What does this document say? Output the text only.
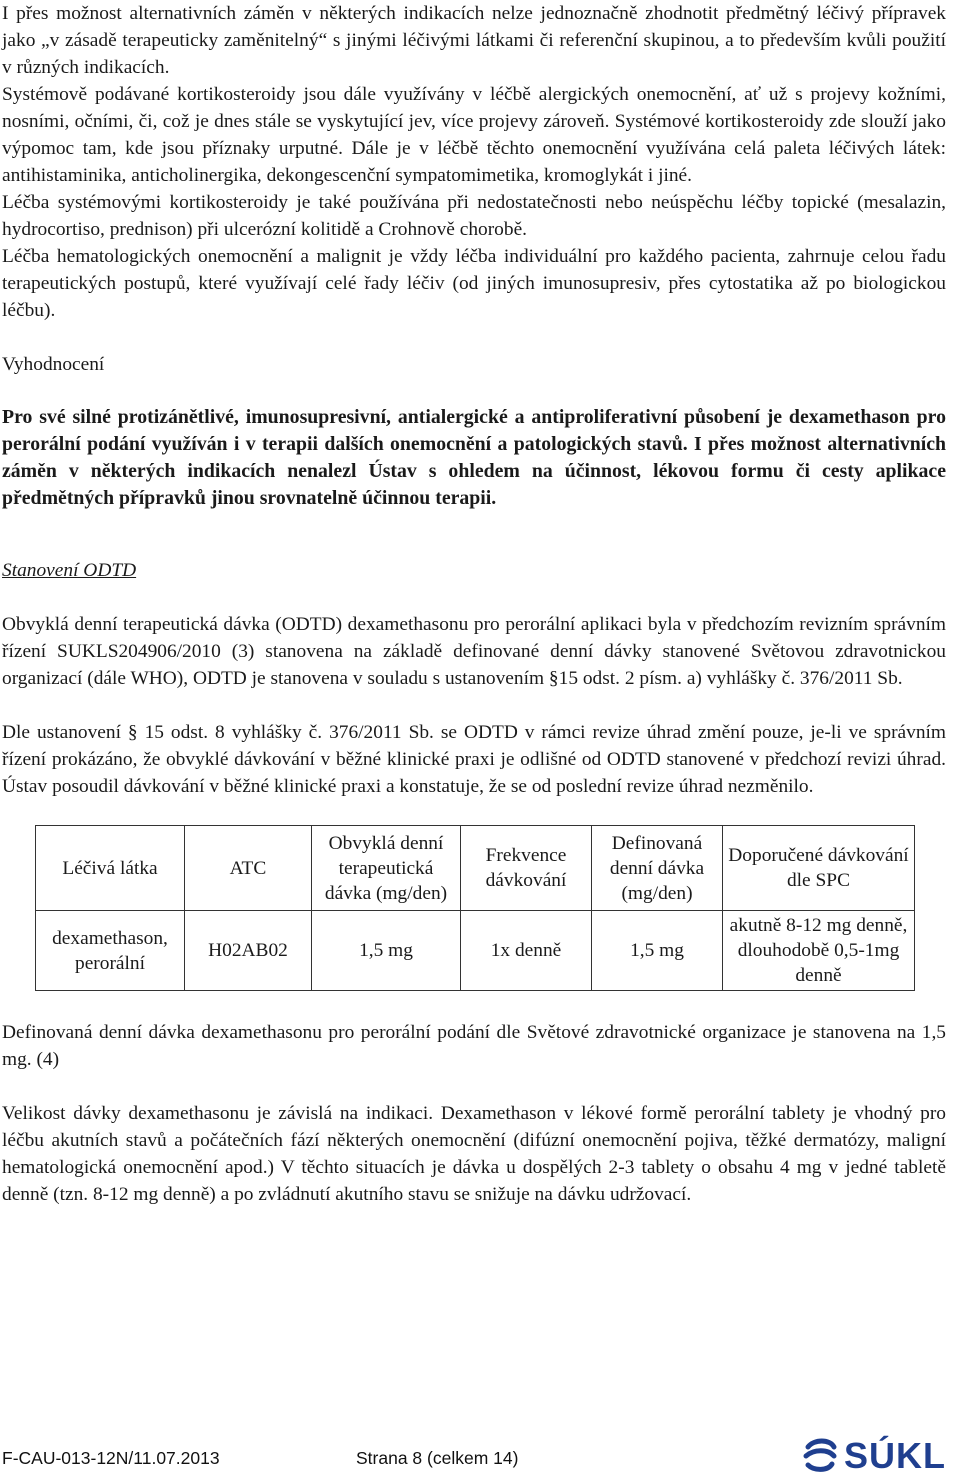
I přes možnost alternativních záměn v některých indikacích nelze jednoznačně zhodnotit předmětný léčivý přípravek jako „v zásadě terapeuticky zaměnitelný“ s jinými léčivými látkami či referenční skupinou, a to především kvůli použití v různých indikacích.

Systémově podávané kortikosteroidy jsou dále využívány v léčbě alergických onemocnění, ať už s projevy kožními, nosními, očními, či, což je dnes stále se vyskytující jev, více projevy zároveň. Systémové kortikosteroidy zde slouží jako výpomoc tam, kde jsou příznaky urputné. Dále je v léčbě těchto onemocnění využívána celá paleta léčivých látek: antihistaminika, anticholinergika, dekongescenční sympatomimetika, kromoglykát i jiné.

Léčba systémovými kortikosteroidy je také používána při nedostatečnosti nebo neúspěchu léčby topické (mesalazin, hydrocortiso, prednison) při ulcerózní kolitidě a Crohnově chorobě.

Léčba hematologických onemocnění a malignit je vždy léčba individuální pro každého pacienta, zahrnuje celou řadu terapeutických postupů, které využívají celé řady léčiv (od jiných imunosupresiv, přes cytostatika až po biologickou léčbu).

Vyhodnocení

Pro své silné protizánětlivé, imunosupresivní, antialergické a antiproliferativní působení je dexamethason pro perorální podání využíván i v terapii dalších onemocnění a patologických stavů. I přes možnost alternativních záměn v některých indikacích nenalezl Ústav s ohledem na účinnost, lékovou formu či cesty aplikace předmětných přípravků jinou srovnatelně účinnou terapii.

Stanovení ODTD

Obvyklá denní terapeutická dávka (ODTD) dexamethasonu pro perorální aplikaci byla v předchozím revizním správním řízení SUKLS204906/2010 (3) stanovena na základě definované denní dávky stanovené Světovou zdravotnickou organizací (dále WHO), ODTD je stanovena v souladu s ustanovením §15 odst. 2 písm. a) vyhlášky č. 376/2011 Sb.

Dle ustanovení § 15 odst. 8 vyhlášky č. 376/2011 Sb. se ODTD v rámci revize úhrad změní pouze, je-li ve správním řízení prokázáno, že obvyklé dávkování v běžné klinické praxi je odlišné od ODTD stanovené v předchozí revizi úhrad. Ústav posoudil dávkování v běžné klinické praxi a konstatuje, že se od poslední revize úhrad nezměnilo.

Léčivá látka	ATC	Obvyklá denní terapeutická dávka (mg/den)	Frekvence dávkování	Definovaná denní dávka (mg/den)	Doporučené dávkování dle SPC
dexamethason, perorální	H02AB02	1,5 mg	1x denně	1,5 mg	akutně 8-12 mg denně, dlouhodobě 0,5-1mg denně

Definovaná denní dávka dexamethasonu pro perorální podání dle Světové zdravotnické organizace je stanovena na 1,5 mg. (4)

Velikost dávky dexamethasonu je závislá na indikaci. Dexamethason v lékové formě perorální tablety je vhodný pro léčbu akutních stavů a počátečních fází některých onemocnění (difúzní onemocnění pojiva, těžké dermatózy, maligní hematologická onemocnění apod.) V těchto situacích je dávka u dospělých 2-3 tablety o obsahu 4 mg v jedné tabletě denně (tzn. 8-12 mg denně) a po zvládnutí akutního stavu se snižuje na dávku udržovací.

F-CAU-013-12N/11.07.2013	Strana 8 (celkem 14)	SÚKL
